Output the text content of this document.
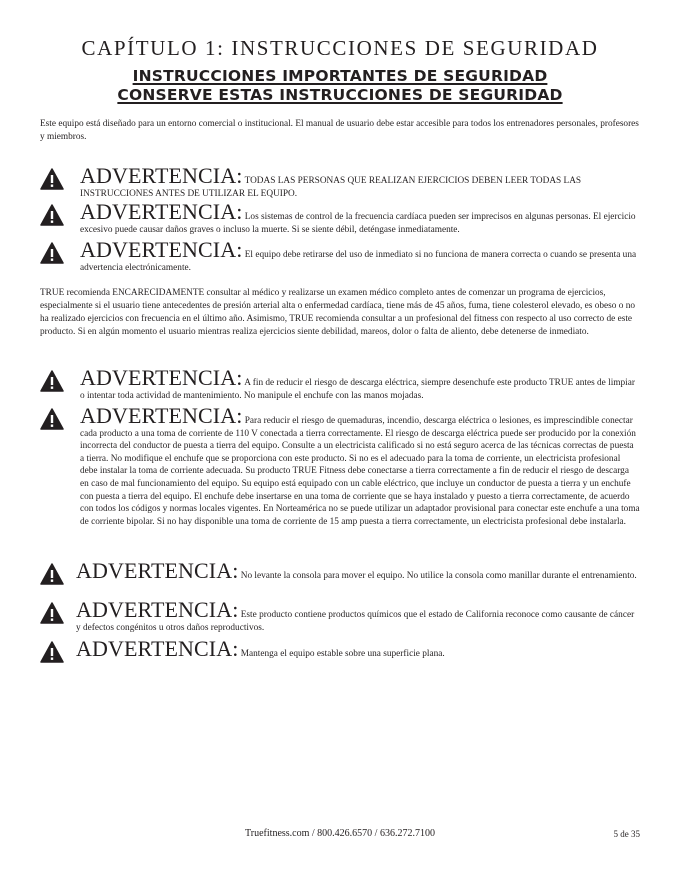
CAPÍTULO 1: INSTRUCCIONES DE SEGURIDAD
INSTRUCCIONES IMPORTANTES DE SEGURIDAD
CONSERVE ESTAS INSTRUCCIONES DE SEGURIDAD

Este equipo está diseñado para un entorno comercial o institucional. El manual de usuario debe estar accesible para todos los entrenadores personales, profesores y miembros.

ADVERTENCIA: TODAS LAS PERSONAS QUE REALIZAN EJERCICIOS DEBEN LEER TODAS LAS INSTRUCCIONES ANTES DE UTILIZAR EL EQUIPO.
ADVERTENCIA: Los sistemas de control de la frecuencia cardíaca pueden ser imprecisos en algunas personas. El ejercicio excesivo puede causar daños graves o incluso la muerte. Si se siente débil, deténgase inmediatamente.
ADVERTENCIA: El equipo debe retirarse del uso de inmediato si no funciona de manera correcta o cuando se presenta una advertencia electrónicamente.

TRUE recomienda ENCARECIDAMENTE consultar al médico y realizarse un examen médico completo antes de comenzar un programa de ejercicios, especialmente si el usuario tiene antecedentes de presión arterial alta o enfermedad cardíaca, tiene más de 45 años, fuma, tiene colesterol elevado, es obeso o no ha realizado ejercicios con frecuencia en el último año. Asimismo, TRUE recomienda consultar a un profesional del fitness con respecto al uso correcto de este producto. Si en algún momento el usuario mientras realiza ejercicios siente debilidad, mareos, dolor o falta de aliento, debe detenerse de inmediato.

ADVERTENCIA: A fin de reducir el riesgo de descarga eléctrica, siempre desenchufe este producto TRUE antes de limpiar o intentar toda actividad de mantenimiento. No manipule el enchufe con las manos mojadas.
ADVERTENCIA: Para reducir el riesgo de quemaduras, incendio, descarga eléctrica o lesiones, es imprescindible conectar cada producto a una toma de corriente de 110 V conectada a tierra correctamente. El riesgo de descarga eléctrica puede ser producido por la conexión incorrecta del conductor de puesta a tierra del equipo. Consulte a un electricista calificado si no está seguro acerca de las técnicas correctas de puesta a tierra. No modifique el enchufe que se proporciona con este producto. Si no es el adecuado para la toma de corriente, un electricista profesional debe instalar la toma de corriente adecuada. Su producto TRUE Fitness debe conectarse a tierra correctamente a fin de reducir el riesgo de descarga en caso de mal funcionamiento del equipo. Su equipo está equipado con un cable eléctrico, que incluye un conductor de puesta a tierra y un enchufe con puesta a tierra del equipo. El enchufe debe insertarse en una toma de corriente que se haya instalado y puesto a tierra correctamente, de acuerdo con todos los códigos y normas locales vigentes. En Norteamérica no se puede utilizar un adaptador provisional para conectar este enchufe a una toma de corriente bipolar. Si no hay disponible una toma de corriente de 15 amp puesta a tierra correctamente, un electricista profesional debe instalarla.
ADVERTENCIA: No levante la consola para mover el equipo. No utilice la consola como manillar durante el entrenamiento.
ADVERTENCIA: Este producto contiene productos químicos que el estado de California reconoce como causante de cáncer y defectos congénitos u otros daños reproductivos.
ADVERTENCIA: Mantenga el equipo estable sobre una superficie plana.

Truefitness.com / 800.426.6570 / 636.272.7100	5 de 35
